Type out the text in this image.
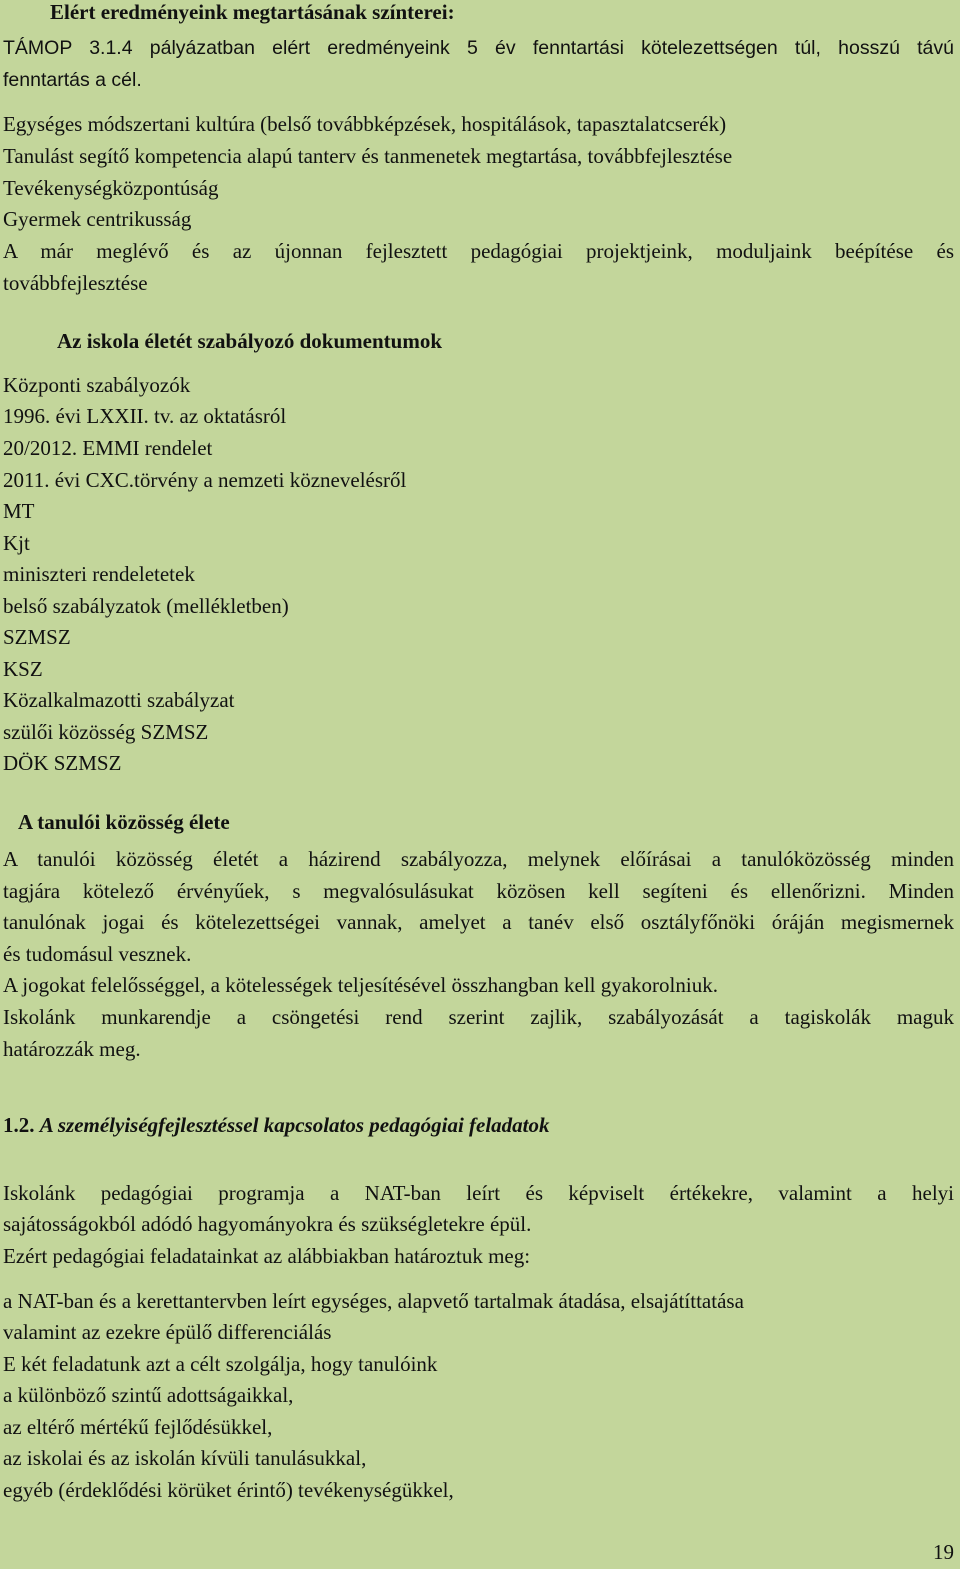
Elért eredményeink megtartásának színterei:
TÁMOP 3.1.4 pályázatban elért eredményeink 5 év fenntartási kötelezettségen túl, hosszú távú
fenntartás a cél.
Egységes módszertani kultúra (belső továbbképzések, hospitálások, tapasztalatcserék)
Tanulást segítő kompetencia alapú tanterv és tanmenetek megtartása, továbbfejlesztése
Tevékenységközpontúság
Gyermek centrikusság
A már meglévő és az újonnan fejlesztett pedagógiai projektjeink, moduljaink beépítése és
továbbfejlesztése
Az iskola életét szabályozó dokumentumok
Központi szabályozók
1996. évi LXXII. tv. az oktatásról
20/2012. EMMI rendelet
2011. évi CXC.törvény a nemzeti köznevelésről
MT
Kjt
miniszteri rendeletetek
belső szabályzatok (mellékletben)
SZMSZ
KSZ
Közalkalmazotti szabályzat
szülői közösség SZMSZ
DÖK SZMSZ
A tanulói közösség élete
A tanulói közösség életét a házirend szabályozza, melynek előírásai a tanulóközösség minden
tagjára kötelező érvényűek, s megvalósulásukat közösen kell segíteni és ellenőrizni. Minden
tanulónak jogai és kötelezettségei vannak, amelyet a tanév első osztályfőnöki óráján megismernek
és tudomásul vesznek.
A jogokat felelősséggel, a kötelességek teljesítésével összhangban kell gyakorolniuk.
Iskolánk munkarendje a csöngetési rend szerint zajlik, szabályozását a tagiskolák maguk
határozzák meg.
1.2. A személyiségfejlesztéssel kapcsolatos pedagógiai feladatok
Iskolánk pedagógiai programja a NAT-ban leírt és képviselt értékekre, valamint a helyi
sajátosságokból adódó hagyományokra és szükségletekre épül.
Ezért pedagógiai feladatainkat az alábbiakban határoztuk meg:
a NAT-ban és a kerettantervben leírt egységes, alapvető tartalmak átadása, elsajátíttatása
valamint az ezekre épülő differenciálás
E két feladatunk azt a célt szolgálja, hogy tanulóink
a különböző szintű adottságaikkal,
az eltérő mértékű fejlődésükkel,
az iskolai és az iskolán kívüli tanulásukkal,
egyéb (érdeklődési körüket érintő) tevékenységükkel,
19
